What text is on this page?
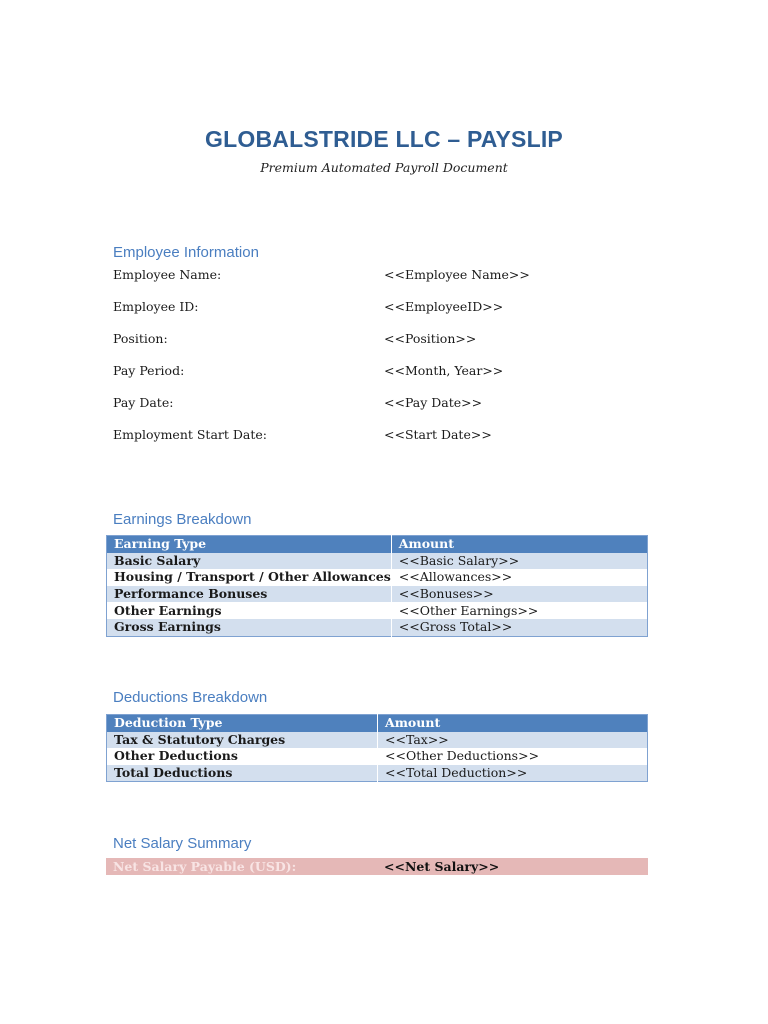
GLOBALSTRIDE LLC – PAYSLIP
Premium Automated Payroll Document
Employee Information
Employee Name:	<<Employee Name>>
Employee ID:	<<EmployeeID>>
Position:	<<Position>>
Pay Period:	<<Month, Year>>
Pay Date:	<<Pay Date>>
Employment Start Date:	<<Start Date>>
Earnings Breakdown
Earning Type	Amount
Basic Salary	<<Basic Salary>>
Housing / Transport / Other Allowances	<<Allowances>>
Performance Bonuses	<<Bonuses>>
Other Earnings	<<Other Earnings>>
Gross Earnings	<<Gross Total>>
Deductions Breakdown
Deduction Type	Amount
Tax & Statutory Charges	<<Tax>>
Other Deductions	<<Other Deductions>>
Total Deductions	<<Total Deduction>>
Net Salary Summary
Net Salary Payable (USD):	<<Net Salary>>
